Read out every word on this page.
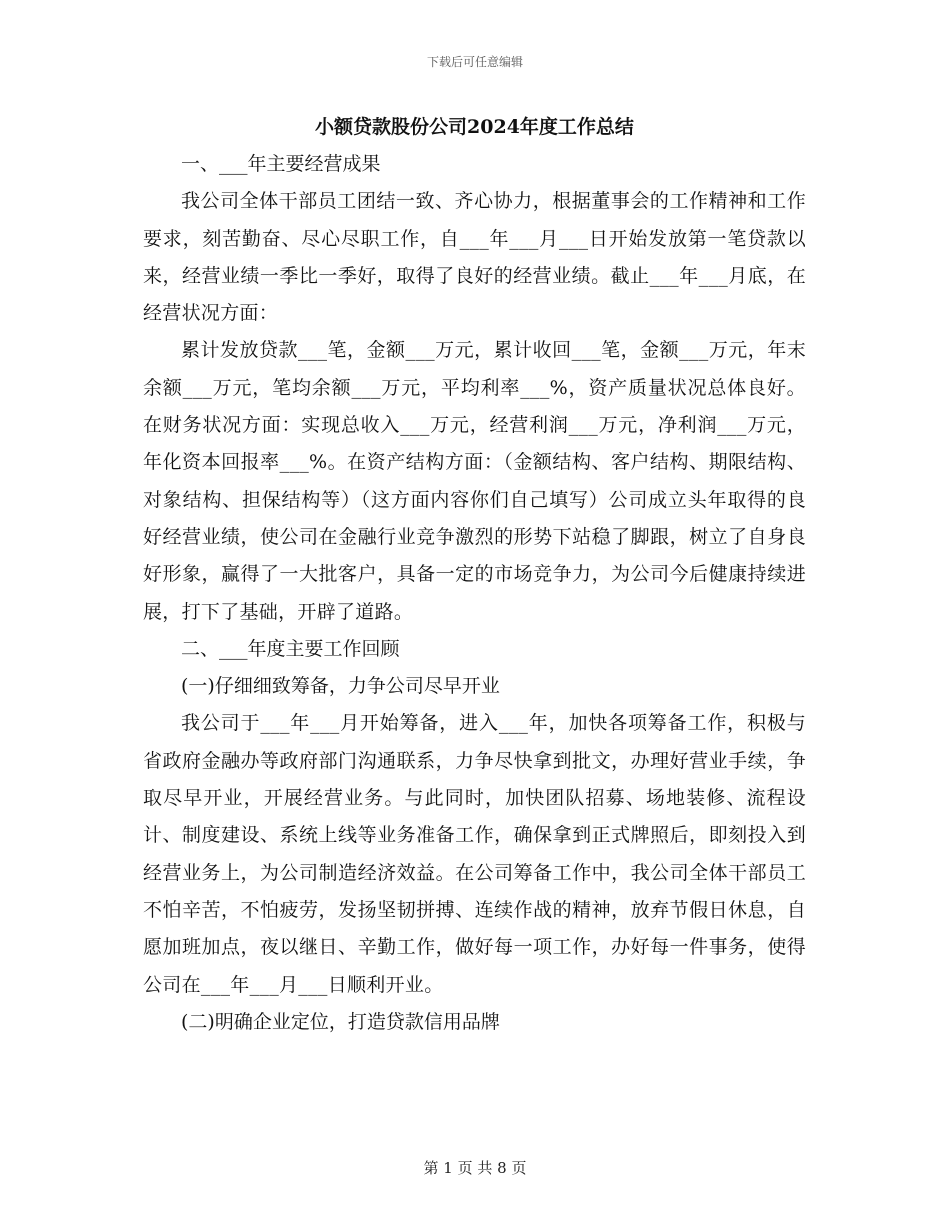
下载后可任意编辑

小额贷款股份公司2024年度工作总结

一、___年主要经营成果

我公司全体干部员工团结一致、齐心协力，根据董事会的工作精神和工作要求，刻苦勤奋、尽心尽职工作，自___年___月___日开始发放第一笔贷款以来，经营业绩一季比一季好，取得了良好的经营业绩。截止___年___月底，在经营状况方面：

累计发放贷款___笔，金额___万元，累计收回___笔，金额___万元，年末余额___万元，笔均余额___万元，平均利率___%，资产质量状况总体良好。在财务状况方面：实现总收入___万元，经营利润___万元，净利润___万元，年化资本回报率___%。在资产结构方面：（金额结构、客户结构、期限结构、对象结构、担保结构等）（这方面内容你们自己填写）公司成立头年取得的良好经营业绩，使公司在金融行业竞争激烈的形势下站稳了脚跟，树立了自身良好形象，赢得了一大批客户，具备一定的市场竞争力，为公司今后健康持续进展，打下了基础，开辟了道路。

二、___年度主要工作回顾

(一)仔细细致筹备，力争公司尽早开业

我公司于___年___月开始筹备，进入___年，加快各项筹备工作，积极与省政府金融办等政府部门沟通联系，力争尽快拿到批文，办理好营业手续，争取尽早开业，开展经营业务。与此同时，加快团队招募、场地装修、流程设计、制度建设、系统上线等业务准备工作，确保拿到正式牌照后，即刻投入到经营业务上，为公司制造经济效益。在公司筹备工作中，我公司全体干部员工不怕辛苦，不怕疲劳，发扬坚韧拼搏、连续作战的精神，放弃节假日休息，自愿加班加点，夜以继日、辛勤工作，做好每一项工作，办好每一件事务，使得公司在___年___月___日顺利开业。

(二)明确企业定位，打造贷款信用品牌

第 1 页 共 8 页
